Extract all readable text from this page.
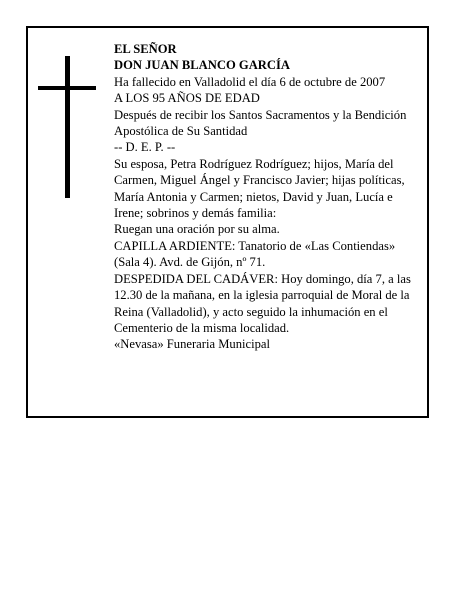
EL SEÑOR

DON JUAN BLANCO GARCÍA

Ha fallecido en Valladolid el día 6 de octubre de 2007

A LOS 95 AÑOS DE EDAD

Después de recibir los Santos Sacramentos y la Bendición Apostólica de Su Santidad

-- D. E. P. --

Su esposa, Petra Rodríguez Rodríguez; hijos, María del Carmen, Miguel Ángel y Francisco Javier; hijas políticas, María Antonia y Carmen; nietos, David y Juan, Lucía e Irene; sobrinos y demás familia:

Ruegan una oración por su alma.

CAPILLA ARDIENTE: Tanatorio de «Las Contiendas» (Sala 4). Avd. de Gijón, nº 71.

DESPEDIDA DEL CADÁVER: Hoy domingo, día 7, a las 12.30 de la mañana, en la iglesia parroquial de Moral de la Reina (Valladolid), y acto seguido la inhumación en el Cementerio de la misma localidad.

«Nevasa» Funeraria Municipal
